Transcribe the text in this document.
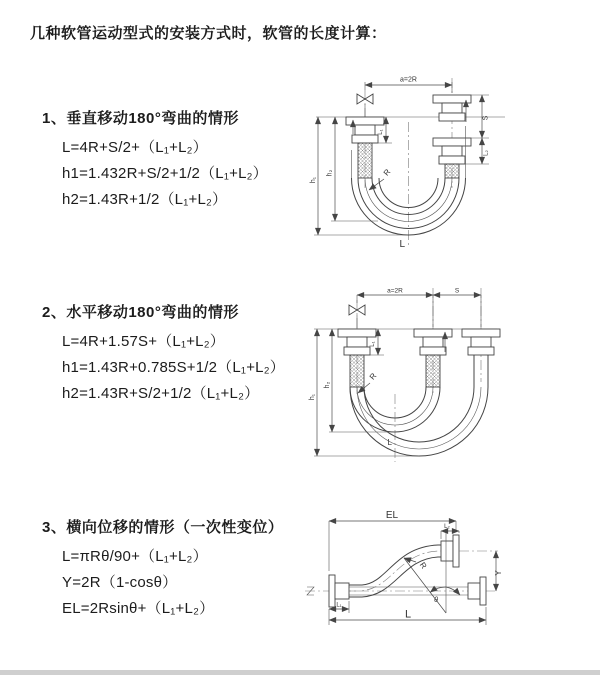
几种软管运动型式的安装方式时，软管的长度计算：
1、垂直移动180°弯曲的情形
L=4R+S/2+（L₁+L₂）
h1=1.432R+S/2+1/2（L₁+L₂）
h2=1.43R+1/2（L₁+L₂）
2、水平移动180°弯曲的情形
L=4R+1.57S+（L₁+L₂）
h1=1.43R+0.785S+1/2（L₁+L₂）
h2=1.43R+S/2+1/2（L₁+L₂）
3、横向位移的情形（一次性变位）
L=πRθ/90+（L₁+L₂）
Y=2R（1-cosθ）
EL=2Rsinθ+（L₁+L₂）
a=2R
h₁
h₂
L₁
S
L₂
R
L
a=2R	S
h₁
h₂
L₁
R
L
EL
L₂
Y
θ
R
L
L₁
